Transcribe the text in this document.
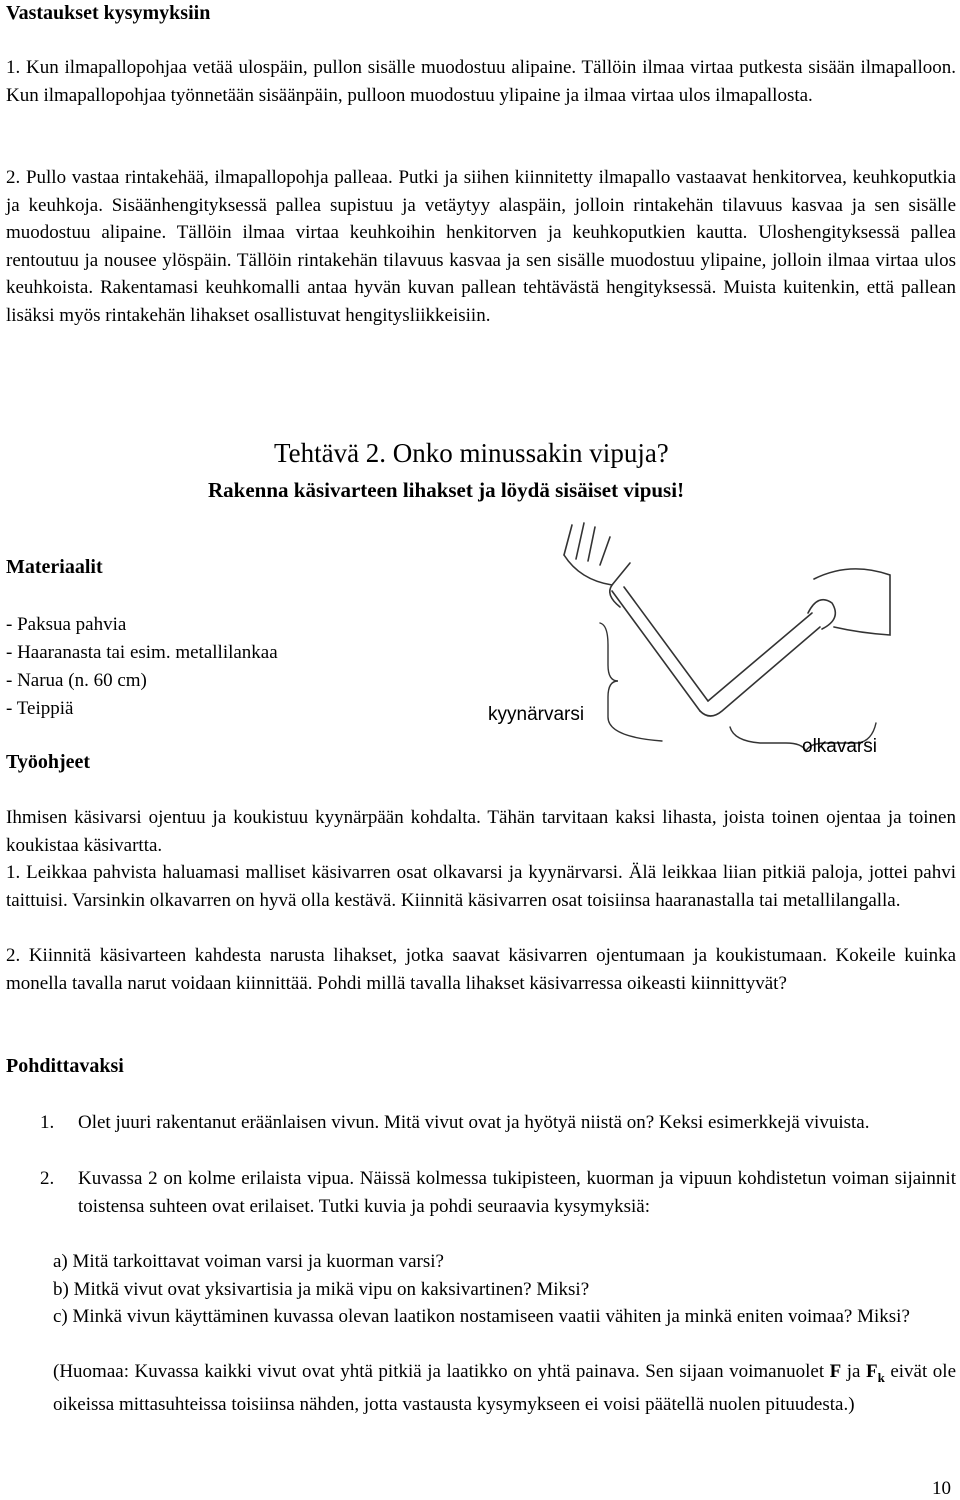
Vastaukset kysymyksiin
1. Kun ilmapallopohjaa vetää ulospäin, pullon sisälle muodostuu alipaine. Tällöin ilmaa virtaa putkesta sisään ilmapalloon. Kun ilmapallopohjaa työnnetään sisäänpäin, pulloon muodostuu ylipaine ja ilmaa virtaa ulos ilmapallosta.
2. Pullo vastaa rintakehää, ilmapallopohja palleaa. Putki ja siihen kiinnitetty ilmapallo vastaavat henkitorvea, keuhkoputkia ja keuhkoja. Sisäänhengityksessä pallea supistuu ja vetäytyy alaspäin, jolloin rintakehän tilavuus kasvaa ja sen sisälle muodostuu alipaine. Tällöin ilmaa virtaa keuhkoihin henkitorven ja keuhkoputkien kautta. Uloshengityksessä pallea rentoutuu ja nousee ylöspäin. Tällöin rintakehän tilavuus kasvaa ja sen sisälle muodostuu ylipaine, jolloin ilmaa virtaa ulos keuhkoista. Rakentamasi keuhkomalli antaa hyvän kuvan pallean tehtävästä hengityksessä. Muista kuitenkin, että pallean lisäksi myös rintakehän lihakset osallistuvat hengitysliikkeisiin.
Tehtävä 2. Onko minussakin vipuja?
Rakenna käsivarteen lihakset ja löydä sisäiset vipusi!
Materiaalit
- Paksua pahvia
- Haaranasta tai esim. metallilankaa
- Narua (n. 60 cm)
- Teippiä	kyynärvarsi
olkavarsi
Työohjeet
Ihmisen käsivarsi ojentuu ja koukistuu kyynärpään kohdalta. Tähän tarvitaan kaksi lihasta, joista toinen ojentaa ja toinen koukistaa käsivartta.
1. Leikkaa pahvista haluamasi malliset käsivarren osat olkavarsi ja kyynärvarsi. Älä leikkaa liian pitkiä paloja, jottei pahvi taittuisi. Varsinkin olkavarren on hyvä olla kestävä. Kiinnitä käsivarren osat toisiinsa haaranastalla tai metallilangalla.
2. Kiinnitä käsivarteen kahdesta narusta lihakset, jotka saavat käsivarren ojentumaan ja koukistumaan. Kokeile kuinka monella tavalla narut voidaan kiinnittää. Pohdi millä tavalla lihakset käsivarressa oikeasti kiinnittyvät?
Pohdittavaksi
1. Olet juuri rakentanut eräänlaisen vivun. Mitä vivut ovat ja hyötyä niistä on? Keksi esimerkkejä vivuista.
2. Kuvassa 2 on kolme erilaista vipua. Näissä kolmessa tukipisteen, kuorman ja vipuun kohdistetun voiman sijainnit toistensa suhteen ovat erilaiset. Tutki kuvia ja pohdi seuraavia kysymyksiä:
a) Mitä tarkoittavat voiman varsi ja kuorman varsi?
b) Mitkä vivut ovat yksivartisia ja mikä vipu on kaksivartinen? Miksi?
c) Minkä vivun käyttäminen kuvassa olevan laatikon nostamiseen vaatii vähiten ja minkä eniten voimaa? Miksi?
(Huomaa: Kuvassa kaikki vivut ovat yhtä pitkiä ja laatikko on yhtä painava. Sen sijaan voimanuolet F ja $F_k$ eivät ole oikeissa mittasuhteissa toisiinsa nähden, jotta vastausta kysymykseen ei voisi päätellä nuolen pituudesta.)
10
